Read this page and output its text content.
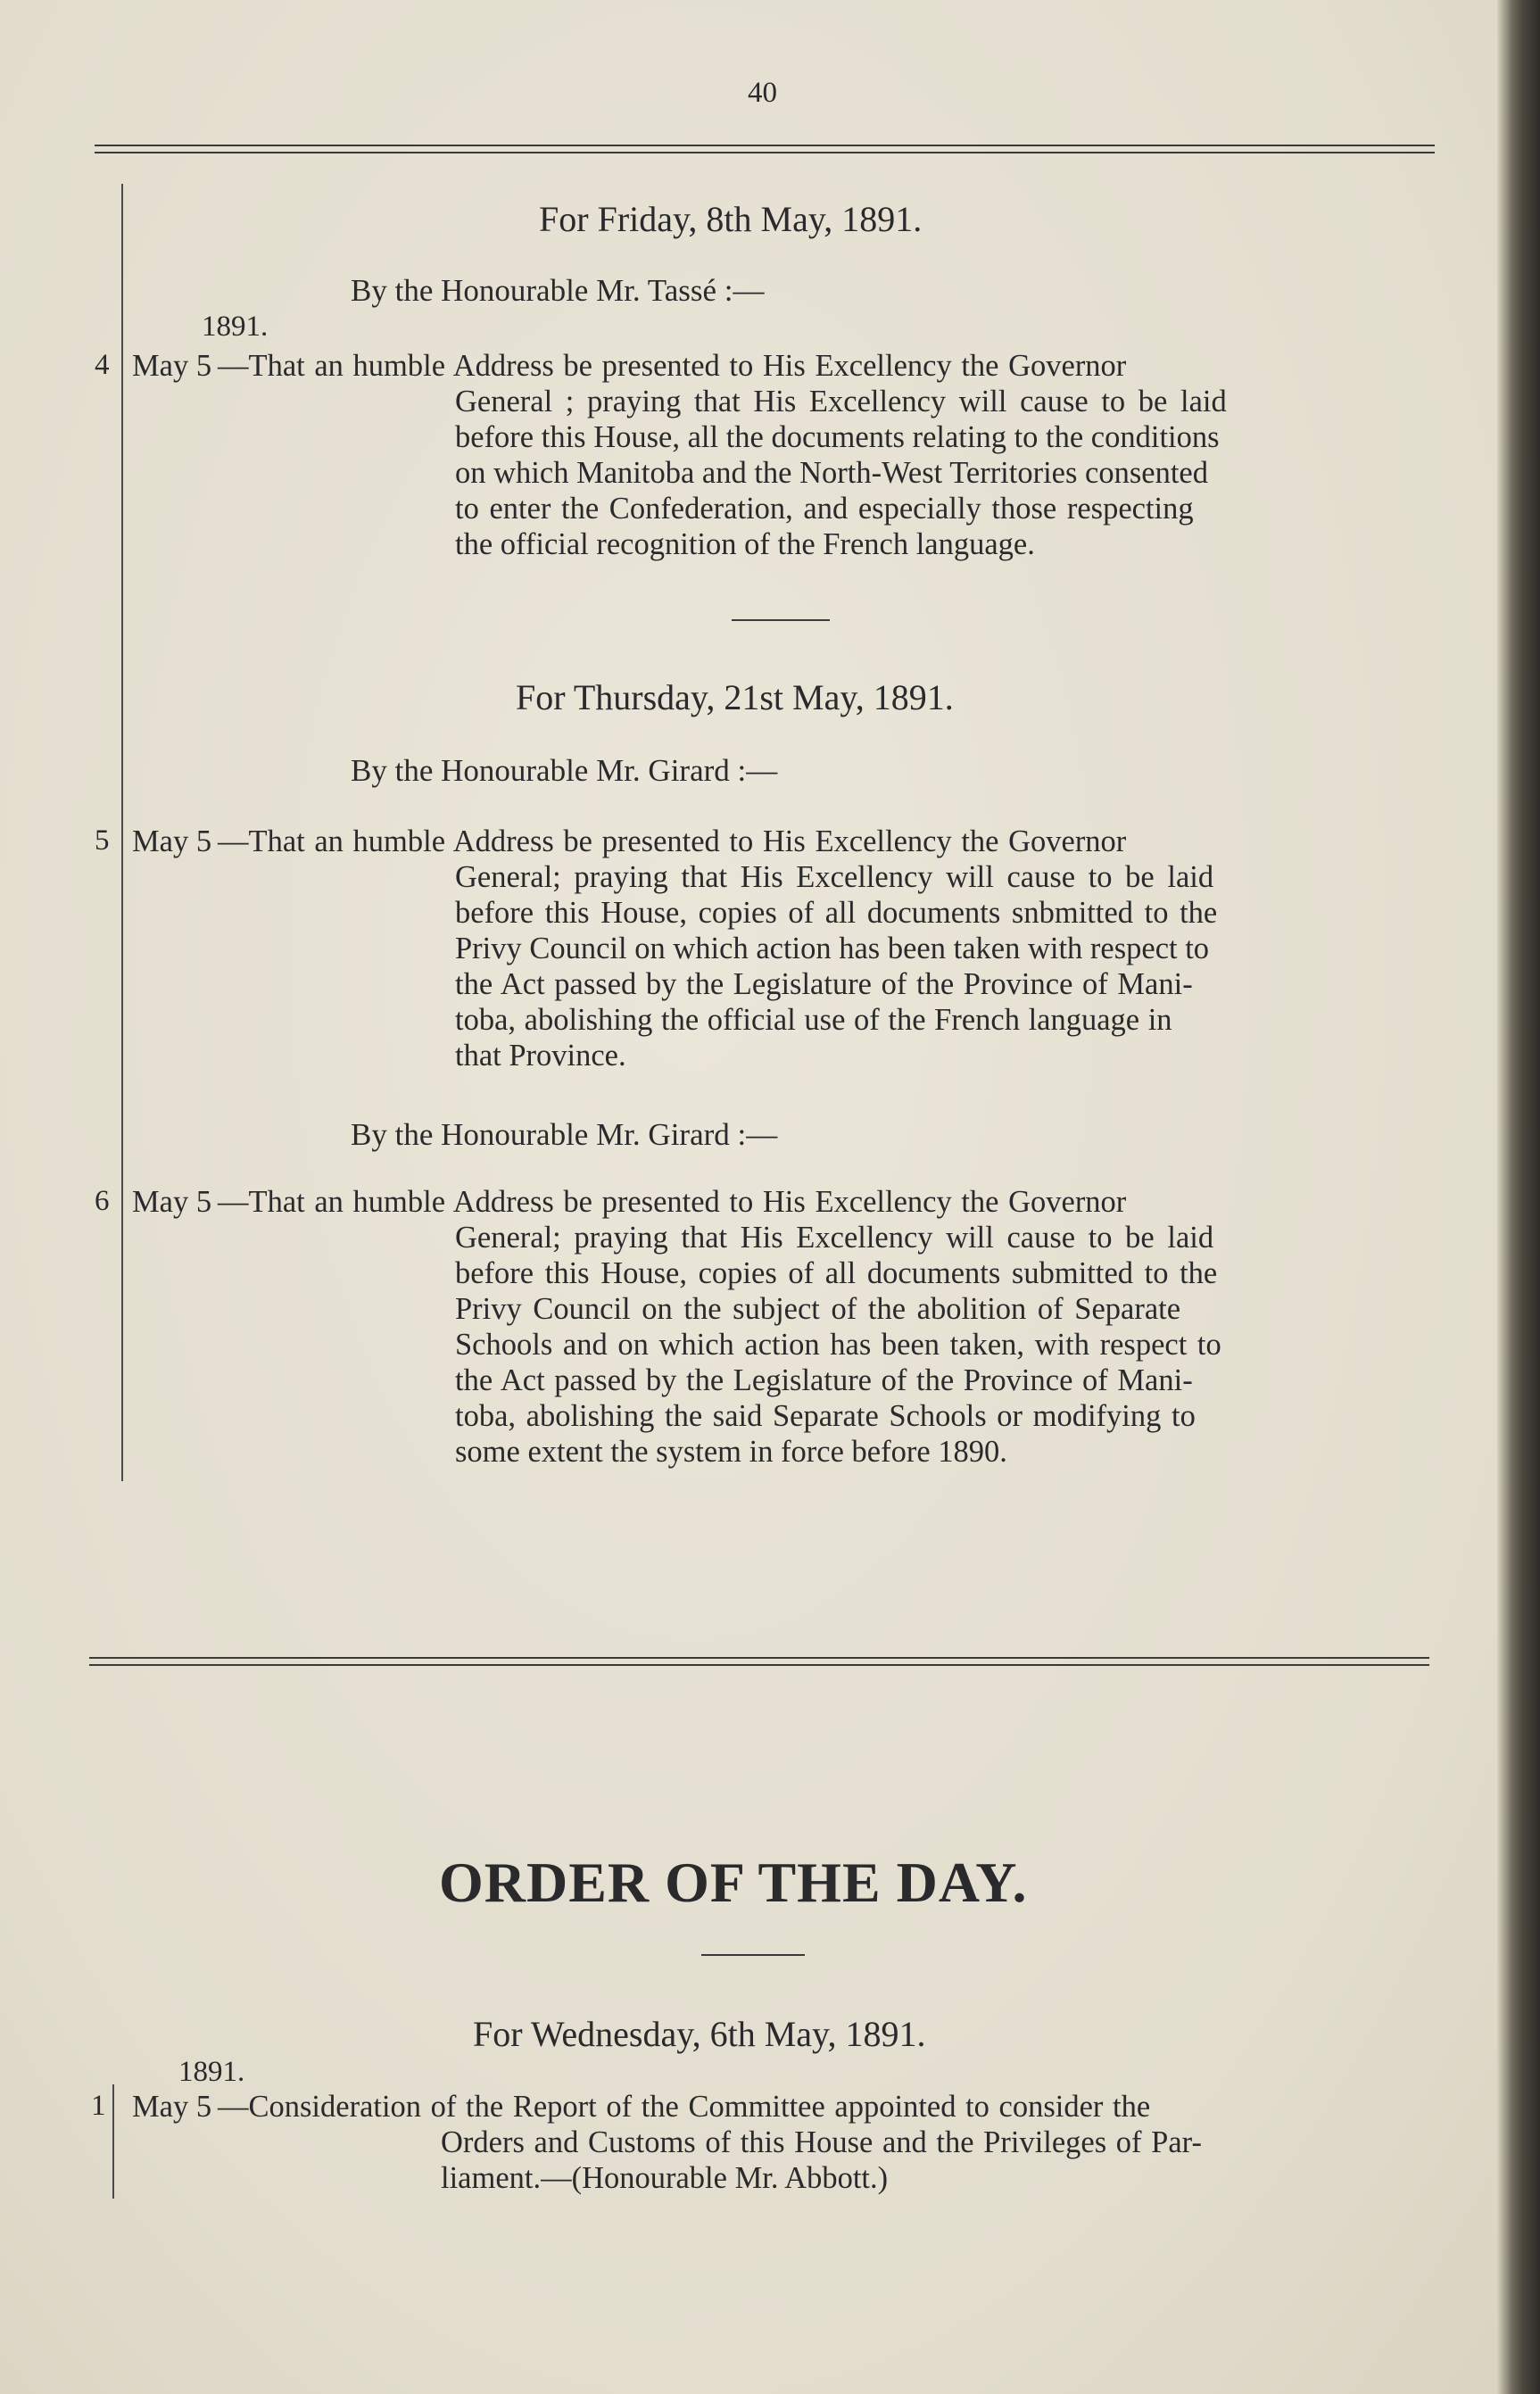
40
For Friday, 8th May, 1891.
By the Honourable Mr. Tassé :—
1891.
4 May 5 —That an humble Address be presented to His Excellency the Governor
General ; praying that His Excellency will cause to be laid
before this House, all the documents relating to the conditions
on which Manitoba and the North-West Territories consented
to enter the Confederation, and especially those respecting
the official recognition of the French language.
For Thursday, 21st May, 1891.
By the Honourable Mr. Girard :—
5 May 5 —That an humble Address be presented to His Excellency the Governor
General; praying that His Excellency will cause to be laid
before this House, copies of all documents snbmitted to the
Privy Council on which action has been taken with respect to
the Act passed by the Legislature of the Province of Mani-
toba, abolishing the official use of the French language in
that Province.
By the Honourable Mr. Girard :—
6 May 5 —That an humble Address be presented to His Excellency the Governor
General; praying that His Excellency will cause to be laid
before this House, copies of all documents submitted to the
Privy Council on the subject of the abolition of Separate
Schools and on which action has been taken, with respect to
the Act passed by the Legislature of the Province of Mani-
toba, abolishing the said Separate Schools or modifying to
some extent the system in force before 1890.
ORDER OF THE DAY.
For Wednesday, 6th May, 1891.
1891.
1 May 5 —Consideration of the Report of the Committee appointed to consider the
Orders and Customs of this House and the Privileges of Par-
liament.—(Honourable Mr. Abbott.)
